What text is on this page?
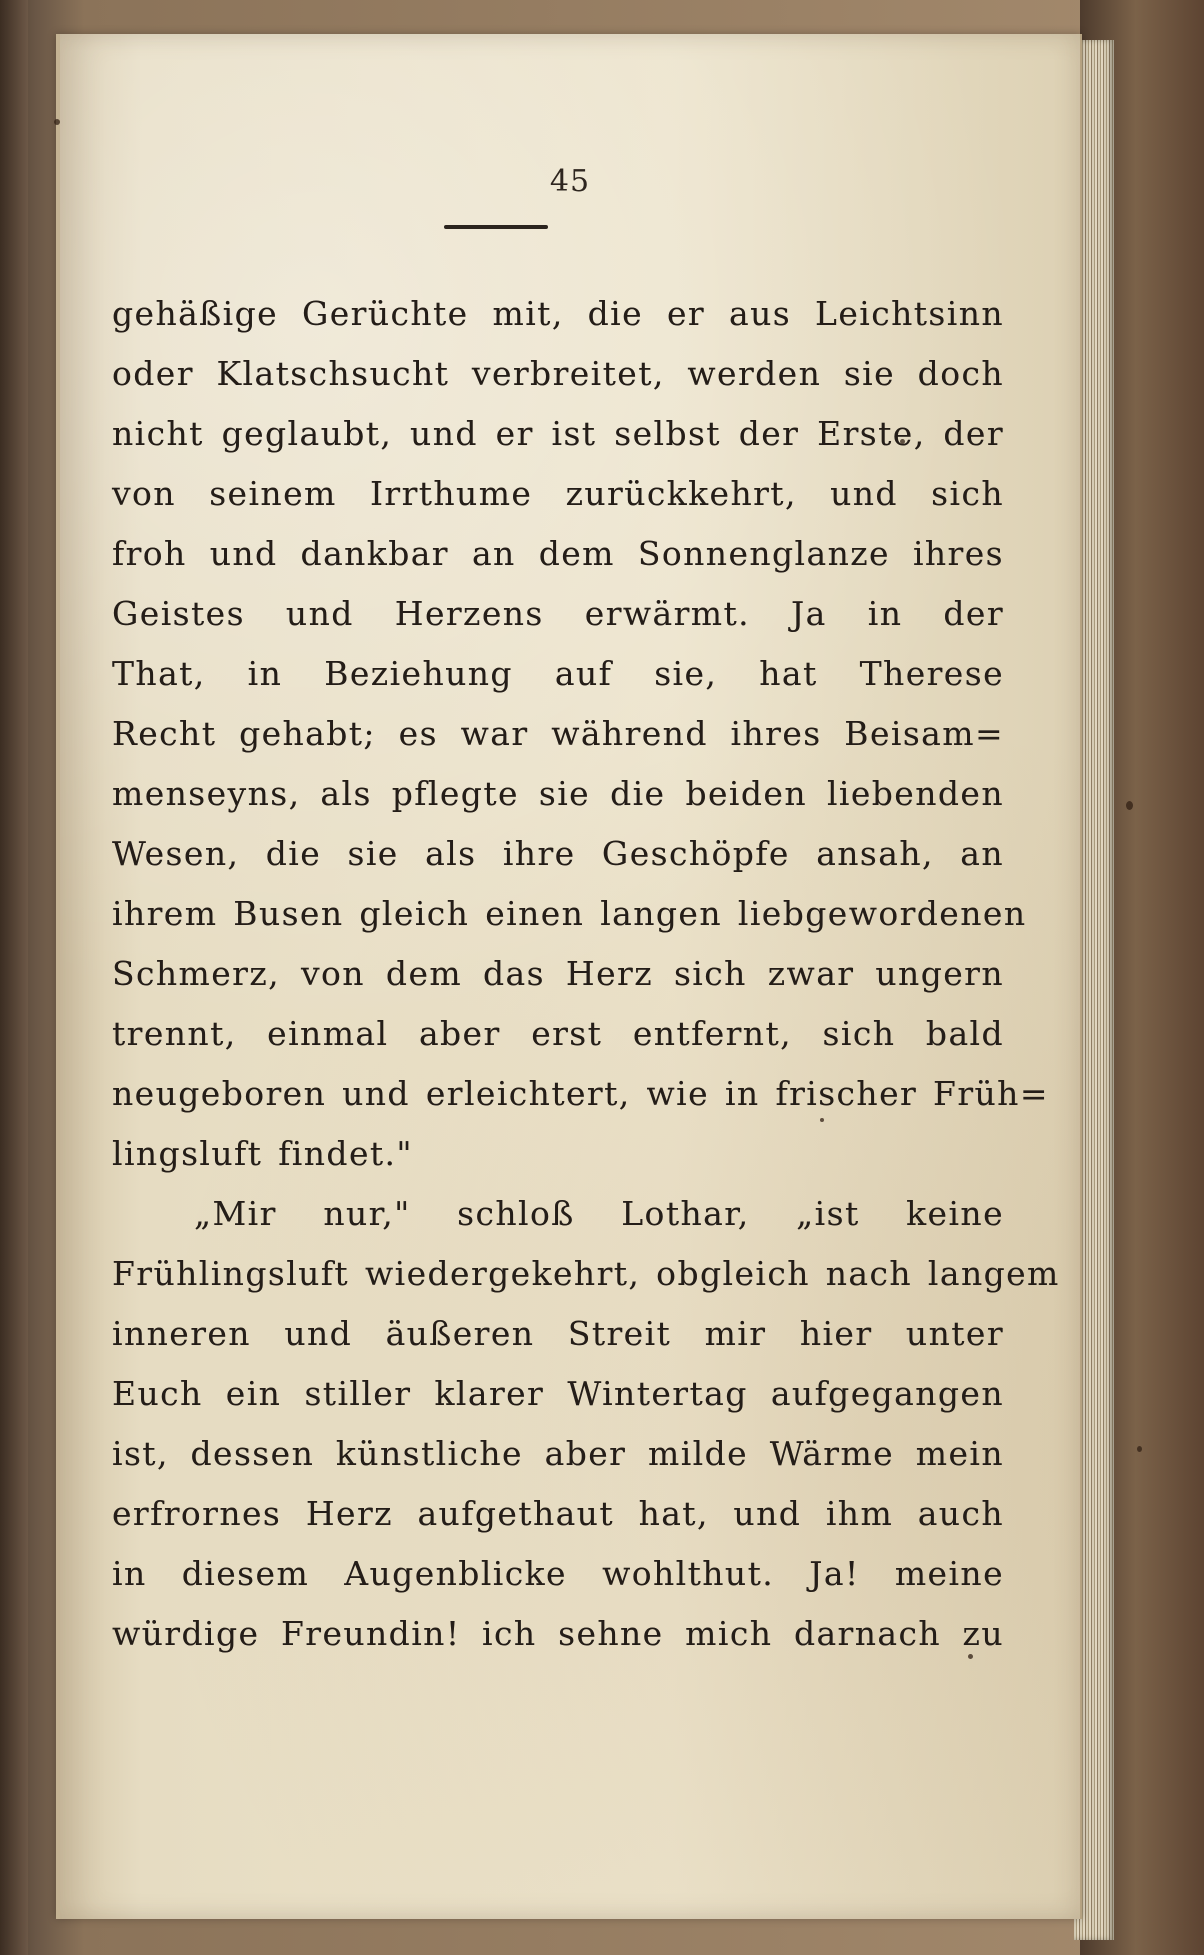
45
gehäßige Gerüchte mit, die er aus Leichtsinn
oder Klatschsucht verbreitet, werden sie doch
nicht geglaubt, und er ist selbst der Erste, der
von seinem Irrthume zurückkehrt, und sich
froh und dankbar an dem Sonnenglanze ihres
Geistes und Herzens erwärmt. Ja in der
That, in Beziehung auf sie, hat Therese
Recht gehabt; es war während ihres Beisam=
menseyns, als pflegte sie die beiden liebenden
Wesen, die sie als ihre Geschöpfe ansah, an
ihrem Busen gleich einen langen liebgewordenen
Schmerz, von dem das Herz sich zwar ungern
trennt, einmal aber erst entfernt, sich bald
neugeboren und erleichtert, wie in frischer Früh=
lingsluft findet."
„Mir nur," schloß Lothar, „ist keine
Frühlingsluft wiedergekehrt, obgleich nach langem
inneren und äußeren Streit mir hier unter
Euch ein stiller klarer Wintertag aufgegangen
ist, dessen künstliche aber milde Wärme mein
erfrornes Herz aufgethaut hat, und ihm auch
in diesem Augenblicke wohlthut. Ja! meine
würdige Freundin! ich sehne mich darnach zu
